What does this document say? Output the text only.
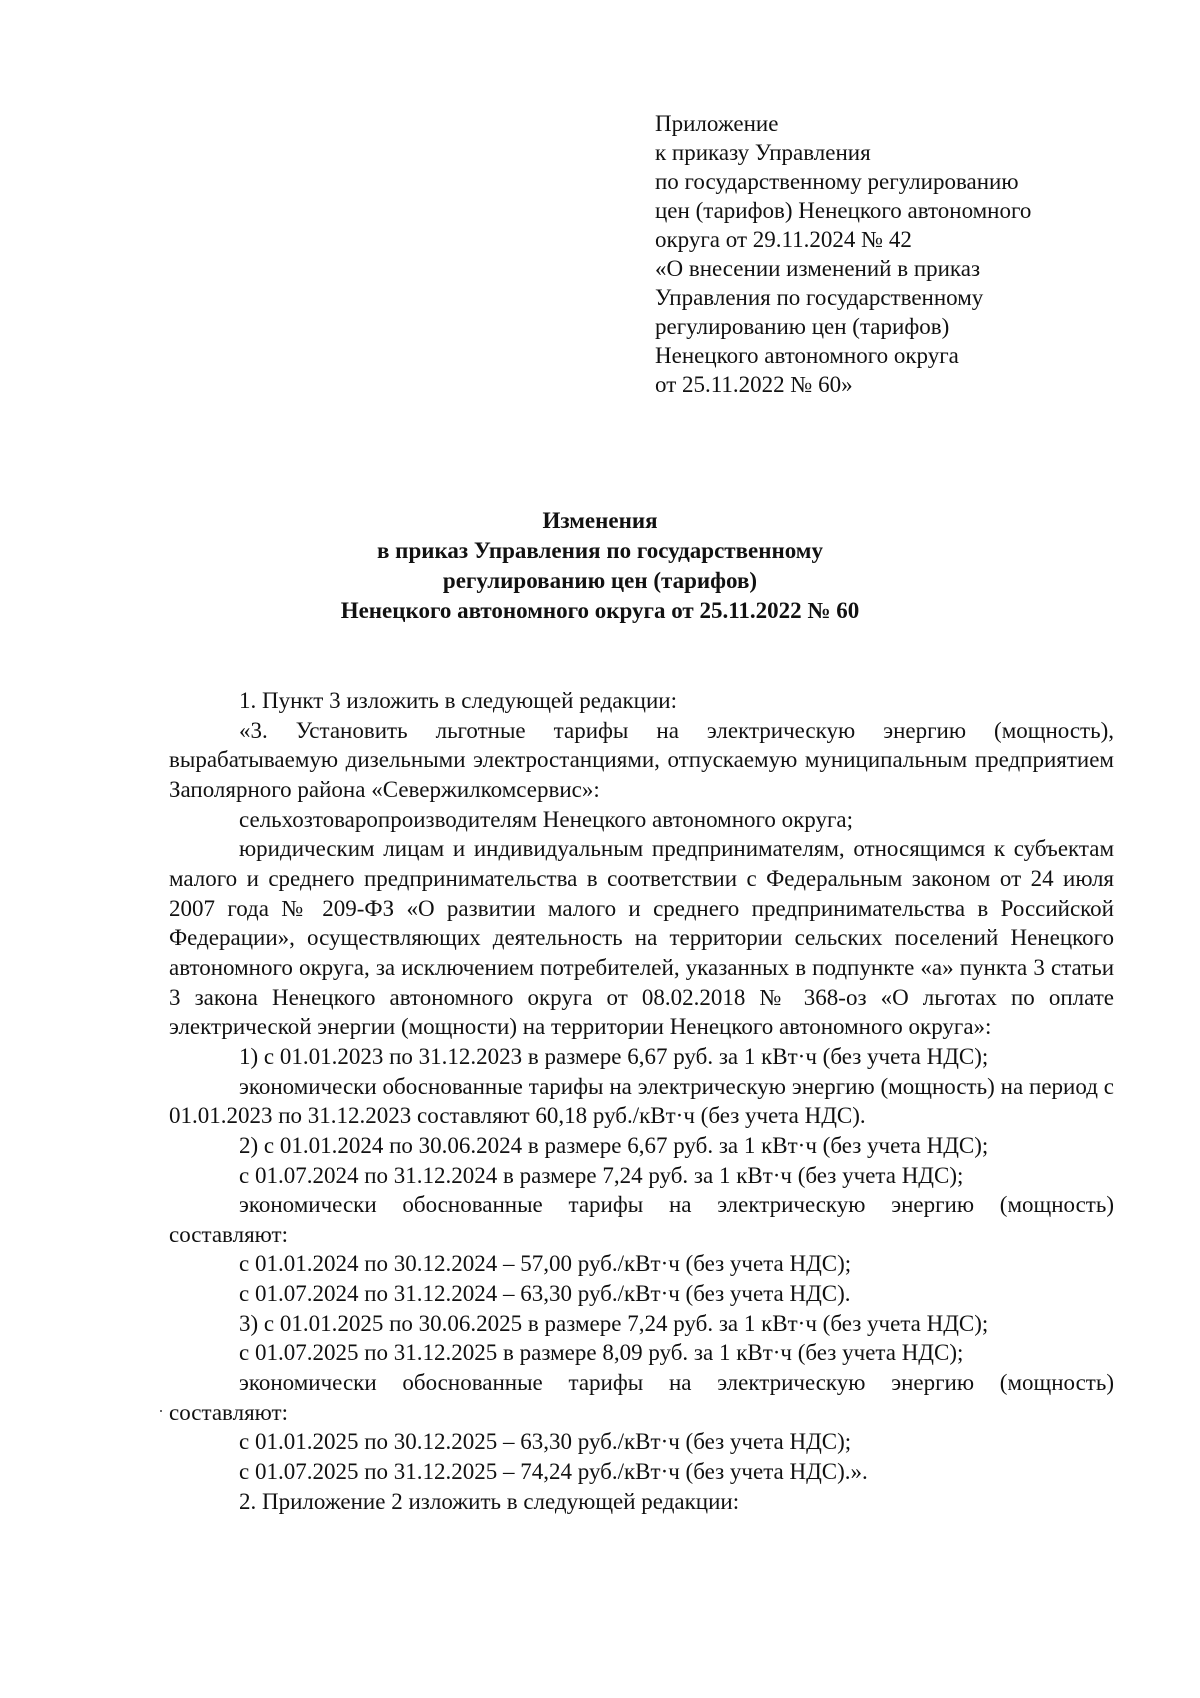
Приложение
к приказу Управления
по государственному регулированию
цен (тарифов) Ненецкого автономного
округа от 29.11.2024 № 42
«О внесении изменений в приказ
Управления по государственному
регулированию цен (тарифов)
Ненецкого автономного округа
от 25.11.2022 № 60»
Изменения
в приказ Управления по государственному
регулированию цен (тарифов)
Ненецкого автономного округа от 25.11.2022 № 60

1. Пункт 3 изложить в следующей редакции:

«3. Установить льготные тарифы на электрическую энергию (мощность), вырабатываемую дизельными электростанциями, отпускаемую муниципальным предприятием Заполярного района «Севержилкомсервис»:

сельхозтоваропроизводителям Ненецкого автономного округа;

юридическим лицам и индивидуальным предпринимателям, относящимся к субъектам малого и среднего предпринимательства в соответствии с Федеральным законом от 24 июля 2007 года № 209-ФЗ «О развитии малого и среднего предпринимательства в Российской Федерации», осуществляющих деятельность на территории сельских поселений Ненецкого автономного округа, за исключением потребителей, указанных в подпункте «а» пункта 3 статьи 3 закона Ненецкого автономного округа от 08.02.2018 № 368-оз «О льготах по оплате электрической энергии (мощности) на территории Ненецкого автономного округа»:

1) с 01.01.2023 по 31.12.2023 в размере 6,67 руб. за 1 кВт·ч (без учета НДС);

экономически обоснованные тарифы на электрическую энергию (мощность) на период с 01.01.2023 по 31.12.2023 составляют 60,18 руб./кВт·ч (без учета НДС).

2) с 01.01.2024 по 30.06.2024 в размере 6,67 руб. за 1 кВт·ч (без учета НДС);

с 01.07.2024 по 31.12.2024 в размере 7,24 руб. за 1 кВт·ч (без учета НДС);

экономически обоснованные тарифы на электрическую энергию (мощность) составляют:

с 01.01.2024 по 30.12.2024 – 57,00 руб./кВт·ч (без учета НДС);

с 01.07.2024 по 31.12.2024 – 63,30 руб./кВт·ч (без учета НДС).

3) с 01.01.2025 по 30.06.2025 в размере 7,24 руб. за 1 кВт·ч (без учета НДС);

с 01.07.2025 по 31.12.2025 в размере 8,09 руб. за 1 кВт·ч (без учета НДС);

экономически обоснованные тарифы на электрическую энергию (мощность) составляют:

с 01.01.2025 по 30.12.2025 – 63,30 руб./кВт·ч (без учета НДС);

с 01.07.2025 по 31.12.2025 – 74,24 руб./кВт·ч (без учета НДС).».

2. Приложение 2 изложить в следующей редакции:
